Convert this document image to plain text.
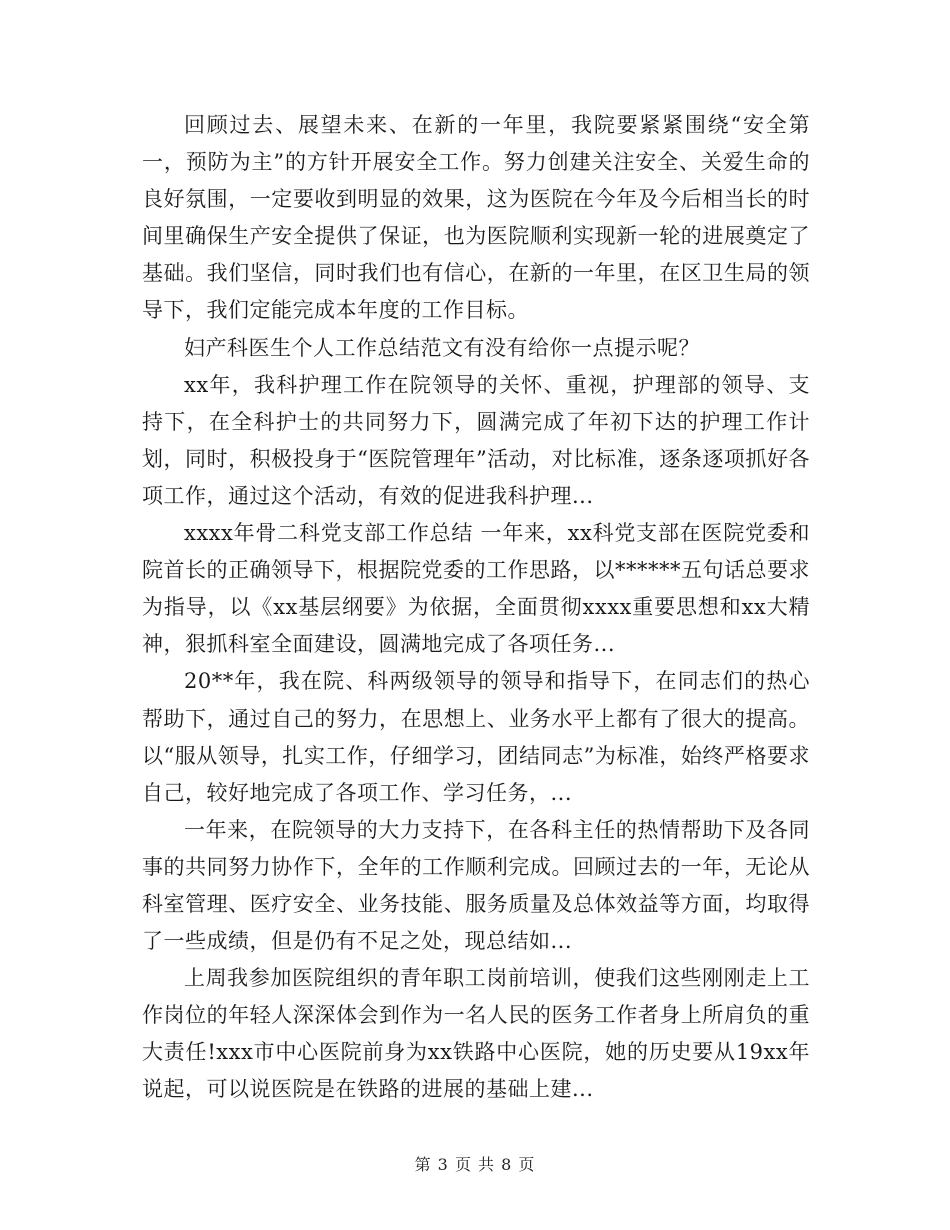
回顾过去、展望未来、在新的一年里，我院要紧紧围绕“安全第一，预防为主”的方针开展安全工作。努力创建关注安全、关爱生命的良好氛围，一定要收到明显的效果，这为医院在今年及今后相当长的时间里确保生产安全提供了保证，也为医院顺利实现新一轮的进展奠定了基础。我们坚信，同时我们也有信心，在新的一年里，在区卫生局的领导下，我们定能完成本年度的工作目标。

妇产科医生个人工作总结范文有没有给你一点提示呢？

xx年，我科护理工作在院领导的关怀、重视，护理部的领导、支持下，在全科护士的共同努力下，圆满完成了年初下达的护理工作计划，同时，积极投身于“医院管理年”活动，对比标准，逐条逐项抓好各项工作，通过这个活动，有效的促进我科护理...

xxxx年骨二科党支部工作总结 一年来，xx科党支部在医院党委和院首长的正确领导下，根据院党委的工作思路，以******五句话总要求为指导，以《xx基层纲要》为依据，全面贯彻xxxx重要思想和xx大精神，狠抓科室全面建设，圆满地完成了各项任务...

20**年，我在院、科两级领导的领导和指导下，在同志们的热心帮助下，通过自己的努力，在思想上、业务水平上都有了很大的提高。以“服从领导，扎实工作，仔细学习，团结同志”为标准，始终严格要求自己，较好地完成了各项工作、学习任务，...

一年来，在院领导的大力支持下，在各科主任的热情帮助下及各同事的共同努力协作下，全年的工作顺利完成。回顾过去的一年，无论从科室管理、医疗安全、业务技能、服务质量及总体效益等方面，均取得了一些成绩，但是仍有不足之处，现总结如...

上周我参加医院组织的青年职工岗前培训，使我们这些刚刚走上工作岗位的年轻人深深体会到作为一名人民的医务工作者身上所肩负的重大责任!xxx市中心医院前身为xx铁路中心医院，她的历史要从19xx年说起，可以说医院是在铁路的进展的基础上建...

第 3 页 共 8 页
